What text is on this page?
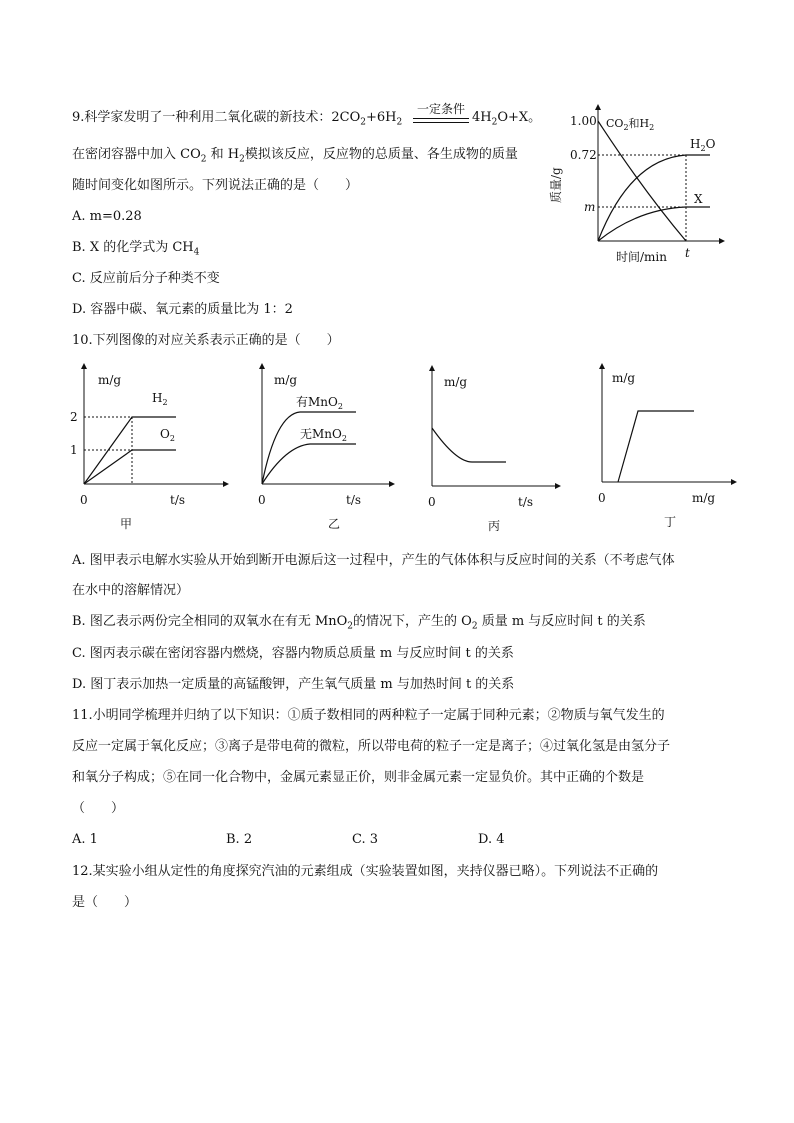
9.科学家发明了一种利用二氧化碳的新技术：$2CO_2+6H_2$
一定条件
$4H_2O+X$。
在密闭容器中加入 $CO_2$ 和 $H_2$模拟该反应，反应物的总质量、各生成物的质量
随时间变化如图所示。下列说法正确的是（　　）
A. m=0.28
B. X 的化学式为 $CH_4$
C. 反应前后分子种类不变
D. 容器中碳、氧元素的质量比为 1：2
1.00
0.72
m
质量/g
时间/min t
$CO_2$和$H_2$
$H_2O$
X
10.下列图像的对应关系表示正确的是（　　）
m/g
t/s
0
2
1
$H_2$
$O_2$
甲
m/g
t/s
0
有MnO$_2$
无MnO$_2$
乙
m/g
t/s
0
丙
m/g
m/g
0
丁
A. 图甲表示电解水实验从开始到断开电源后这一过程中，产生的气体体积与反应时间的关系（不考虑气体
在水中的溶解情况）
B. 图乙表示两份完全相同的双氧水在有无 MnO$_2$的情况下，产生的 $O_2$ 质量 m 与反应时间 t 的关系
C. 图丙表示碳在密闭容器内燃烧，容器内物质总质量 m 与反应时间 t 的关系
D. 图丁表示加热一定质量的高锰酸钾，产生氧气质量 m 与加热时间 t 的关系
11.小明同学梳理并归纳了以下知识：①质子数相同的两种粒子一定属于同种元素；②物质与氧气发生的
反应一定属于氧化反应；③离子是带电荷的微粒，所以带电荷的粒子一定是离子；④过氧化氢是由氢分子
和氧分子构成；⑤在同一化合物中，金属元素显正价，则非金属元素一定显负价。其中正确的个数是
（　　）
A. 1	B. 2	C. 3	D. 4
12.某实验小组从定性的角度探究汽油的元素组成（实验装置如图，夹持仪器已略）。下列说法不正确的
是（　　）
